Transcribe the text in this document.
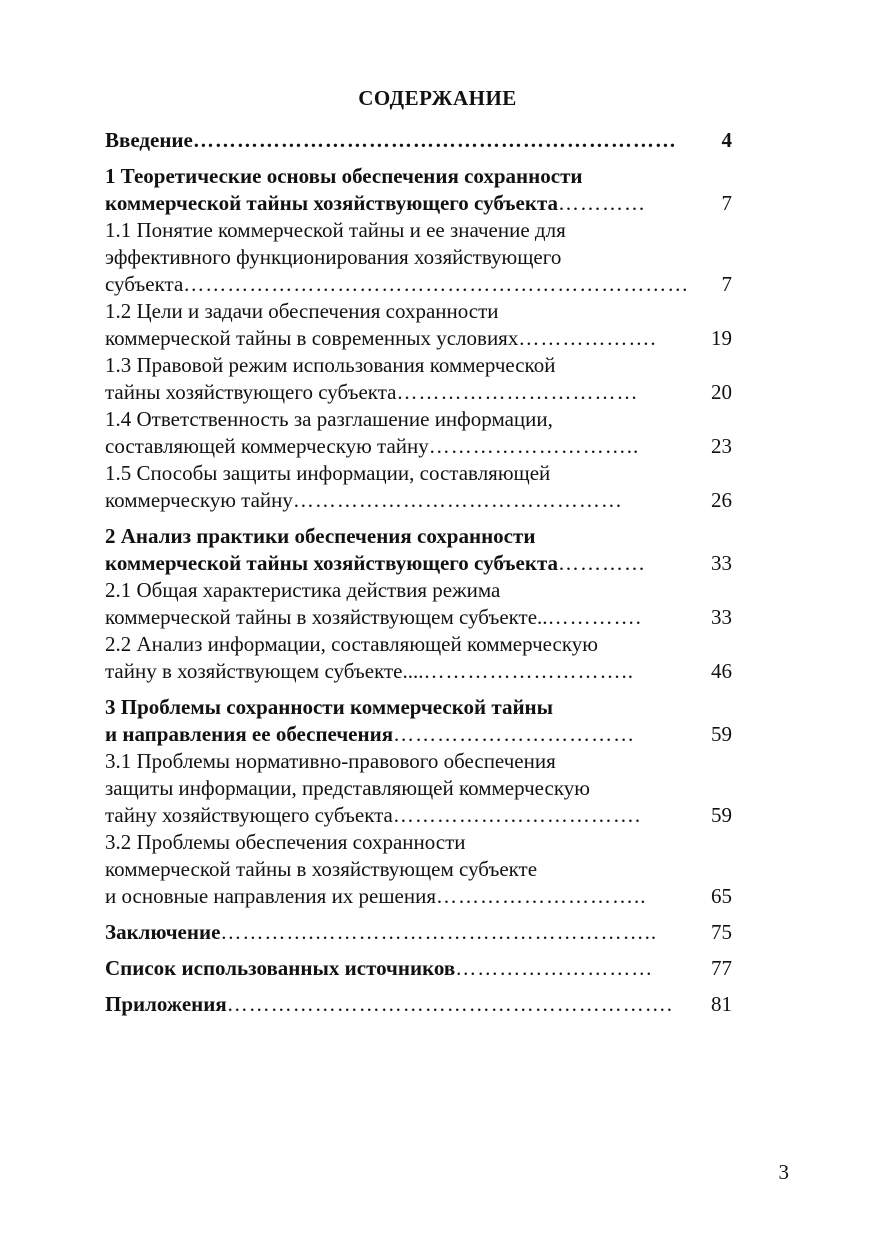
СОДЕРЖАНИЕ
Введение …………………………………………………………	4
1 Теоретические основы обеспечения сохранности
коммерческой тайны хозяйствующего субъекта …………	7
1.1 Понятие коммерческой тайны и ее значение для
эффективного функционирования хозяйствующего
субъекта ……………………………………………………………	7
1.2 Цели и задачи обеспечения сохранности
коммерческой тайны в современных условиях ……………….	19
1.3 Правовой режим использования коммерческой
тайны хозяйствующего субъекта ……………………………	20
1.4 Ответственность за разглашение информации,
составляющей коммерческую тайну ………………………..	23
1.5 Способы защиты информации, составляющей
коммерческую тайну ………………………………………	26
2 Анализ практики обеспечения сохранности
коммерческой тайны хозяйствующего субъекта …………	33
2.1 Общая характеристика действия режима
коммерческой тайны в хозяйствующем субъекте.. ………….	33
2.2 Анализ информации, составляющей коммерческую
тайну в хозяйствующем субъекте.... ………………………..	46
3 Проблемы сохранности коммерческой тайны
и направления ее обеспечения ……………………………	59
3.1 Проблемы нормативно-правового обеспечения
защиты информации, представляющей коммерческую
тайну хозяйствующего субъекта …………………………….	59
3.2 Проблемы обеспечения сохранности
коммерческой тайны в хозяйствующем субъекте
и основные направления их решения ………………………..	65
Заключение ………….………………………………………..	75
Список использованных источников ………………………	77
Приложения …………………………………………………….	81
3
